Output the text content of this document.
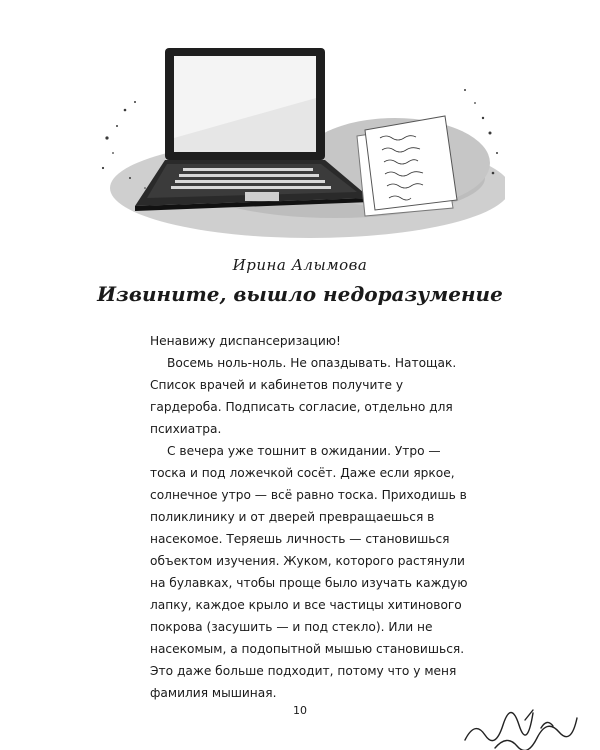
Ирина Алымова
Извините, вышло недоразумение

Ненавижу диспансеризацию!

Восемь ноль-ноль. Не опаздывать. Натощак. Список врачей и кабинетов получите у гардероба. Подписать согласие, отдельно для психиатра.

С вечера уже тошнит в ожидании. Утро — тоска и под ложечкой сосёт. Даже если яркое, солнечное утро — всё равно тоска. Приходишь в поликлинику и от дверей превращаешься в насекомое. Теряешь личность — становишься объектом изучения. Жуком, которого растянули на булавках, чтобы проще было изучать каждую лапку, каждое крыло и все частицы хитинового покрова (засушить — и под стекло). Или не насекомым, а подопытной мышью становишься. Это даже больше подходит, потому что у меня фамилия мышиная.

10
